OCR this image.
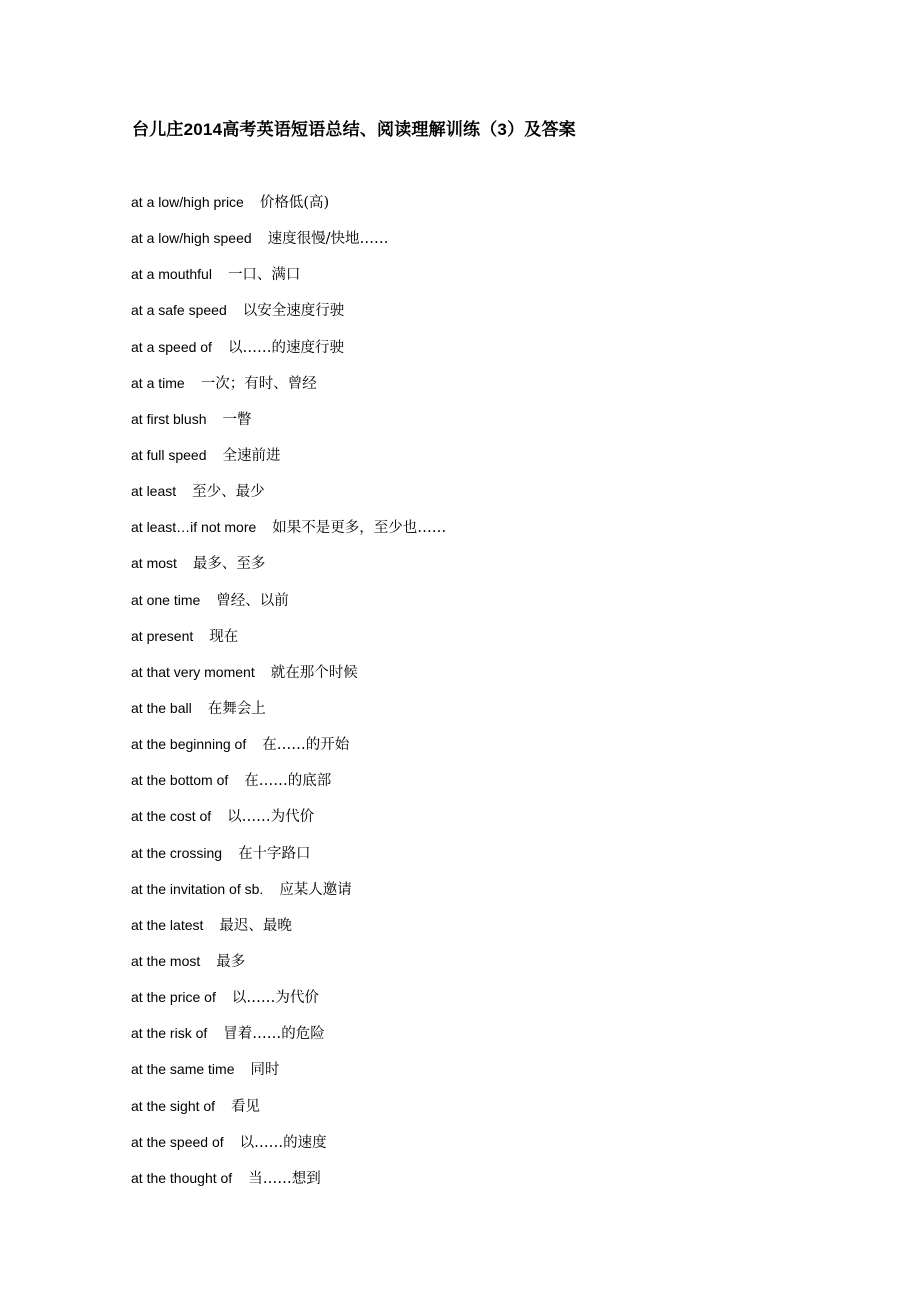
台儿庄2014高考英语短语总结、阅读理解训练（3）及答案
at a low/high price 价格低(高)
at a low/high speed 速度很慢/快地……
at a mouthful 一口、满口
at a safe speed 以安全速度行驶
at a speed of 以……的速度行驶
at a time 一次；有时、曾经
at first blush 一瞥
at full speed 全速前进
at least 至少、最少
at least…if not more 如果不是更多，至少也……
at most 最多、至多
at one time 曾经、以前
at present 现在
at that very moment 就在那个时候
at the ball 在舞会上
at the beginning of 在……的开始
at the bottom of 在……的底部
at the cost of 以……为代价
at the crossing 在十字路口
at the invitation of sb. 应某人邀请
at the latest 最迟、最晚
at the most 最多
at the price of 以……为代价
at the risk of 冒着……的危险
at the same time 同时
at the sight of 看见
at the speed of 以……的速度
at the thought of 当……想到
